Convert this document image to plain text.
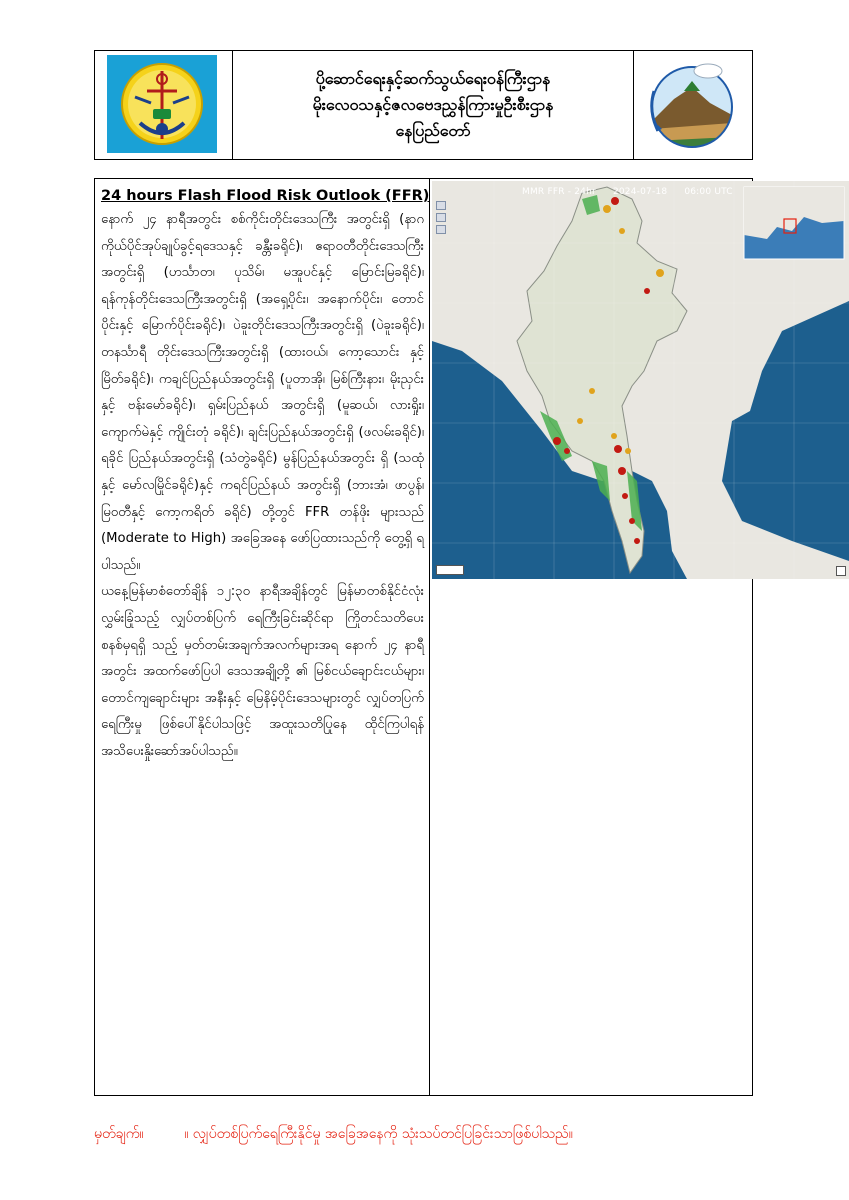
ပို့ဆောင်ရေးနှင့်ဆက်သွယ်ရေးဝန်ကြီးဌာန
မိုးလေဝသနှင့်ဇလဗေဒညွှန်ကြားမှုဦးစီးဌာန
နေပြည်တော်
24 hours Flash Flood Risk Outlook (FFR)

နောက် ၂၄ နာရီအတွင်း စစ်ကိုင်းတိုင်းဒေသကြီး အတွင်းရှိ (နာဂကိုယ်ပိုင်အုပ်ချုပ်ခွင့်ရဒေသနှင့် ခန္တီးခရိုင်)၊ ဧရာဝတီတိုင်းဒေသကြီးအတွင်းရှိ (ဟင်္သာတ၊ ပုသိမ်၊ မအူပင်နှင့် မြောင်းမြခရိုင်)၊ ရန်ကုန်တိုင်းဒေသကြီးအတွင်းရှိ (အရှေ့ပိုင်း၊ အနောက်ပိုင်း၊ တောင်ပိုင်းနှင့် မြောက်ပိုင်းခရိုင်)၊ ပဲခူးတိုင်းဒေသကြီးအတွင်းရှိ (ပဲခူးခရိုင်)၊ တနင်္သာရီ တိုင်းဒေသကြီးအတွင်းရှိ (ထားဝယ်၊ ကော့သောင်း နှင့် မြိတ်ခရိုင်)၊ ကချင်ပြည်နယ်အတွင်းရှိ (ပူတာအို၊ မြစ်ကြီးနား၊ မိုးညှင်းနှင့် ဗန်းမော်ခရိုင်)၊ ရှမ်းပြည်နယ် အတွင်းရှိ (မူဆယ်၊ လားရှိုး၊ ကျောက်မဲနှင့် ကျိုင်းတုံ ခရိုင်)၊ ချင်းပြည်နယ်အတွင်းရှိ (ဖလမ်းခရိုင်)၊ ရခိုင် ပြည်နယ်အတွင်းရှိ (သံတွဲခရိုင်) မွန်ပြည်နယ်အတွင်း ရှိ (သထုံနှင့် မော်လမြိုင်ခရိုင်)နှင့် ကရင်ပြည်နယ် အတွင်းရှိ (ဘားအံ၊ ဖာပွန်၊ မြဝတီနှင့် ကော့ကရိတ် ခရိုင်) တို့တွင် FFR တန်ဖိုး များသည် (Moderate to High) အခြေအနေ ဖော်ပြထားသည်ကို တွေ့ရှိ ရပါသည်။

ယနေ့မြန်မာစံတော်ချိန် ၁၂:၃၀ နာရီအချိန်တွင် မြန်မာတစ်နိုင်ငံလုံးလွှမ်းခြုံသည့် လျှပ်တစ်ပြက် ရေကြီးခြင်းဆိုင်ရာ ကြိုတင်သတိပေးစနစ်မှရရှိ သည့် မှတ်တမ်းအချက်အလက်များအရ နောက် ၂၄ နာရီအတွင်း အထက်ဖော်ပြပါ ဒေသအချို့တို့ ၏ မြစ်ငယ်ချောင်းငယ်များ၊ တောင်ကျချောင်းများ အနီးနှင့် မြေနိမ့်ပိုင်းဒေသများတွင် လျှပ်တပြက် ရေကြီးမှု ဖြစ်ပေါ်နိုင်ပါသဖြင့် အထူးသတိပြုနေ ထိုင်ကြပါရန် အသိပေးနှိုးဆော်အပ်ပါသည်။

MMR FFR - 24hr 2024-07-18 06:00 UTC
မှတ်ချက်။	။ လျှပ်တစ်ပြက်ရေကြီးနိုင်မှု အခြေအနေကို သုံးသပ်တင်ပြခြင်းသာဖြစ်ပါသည်။
